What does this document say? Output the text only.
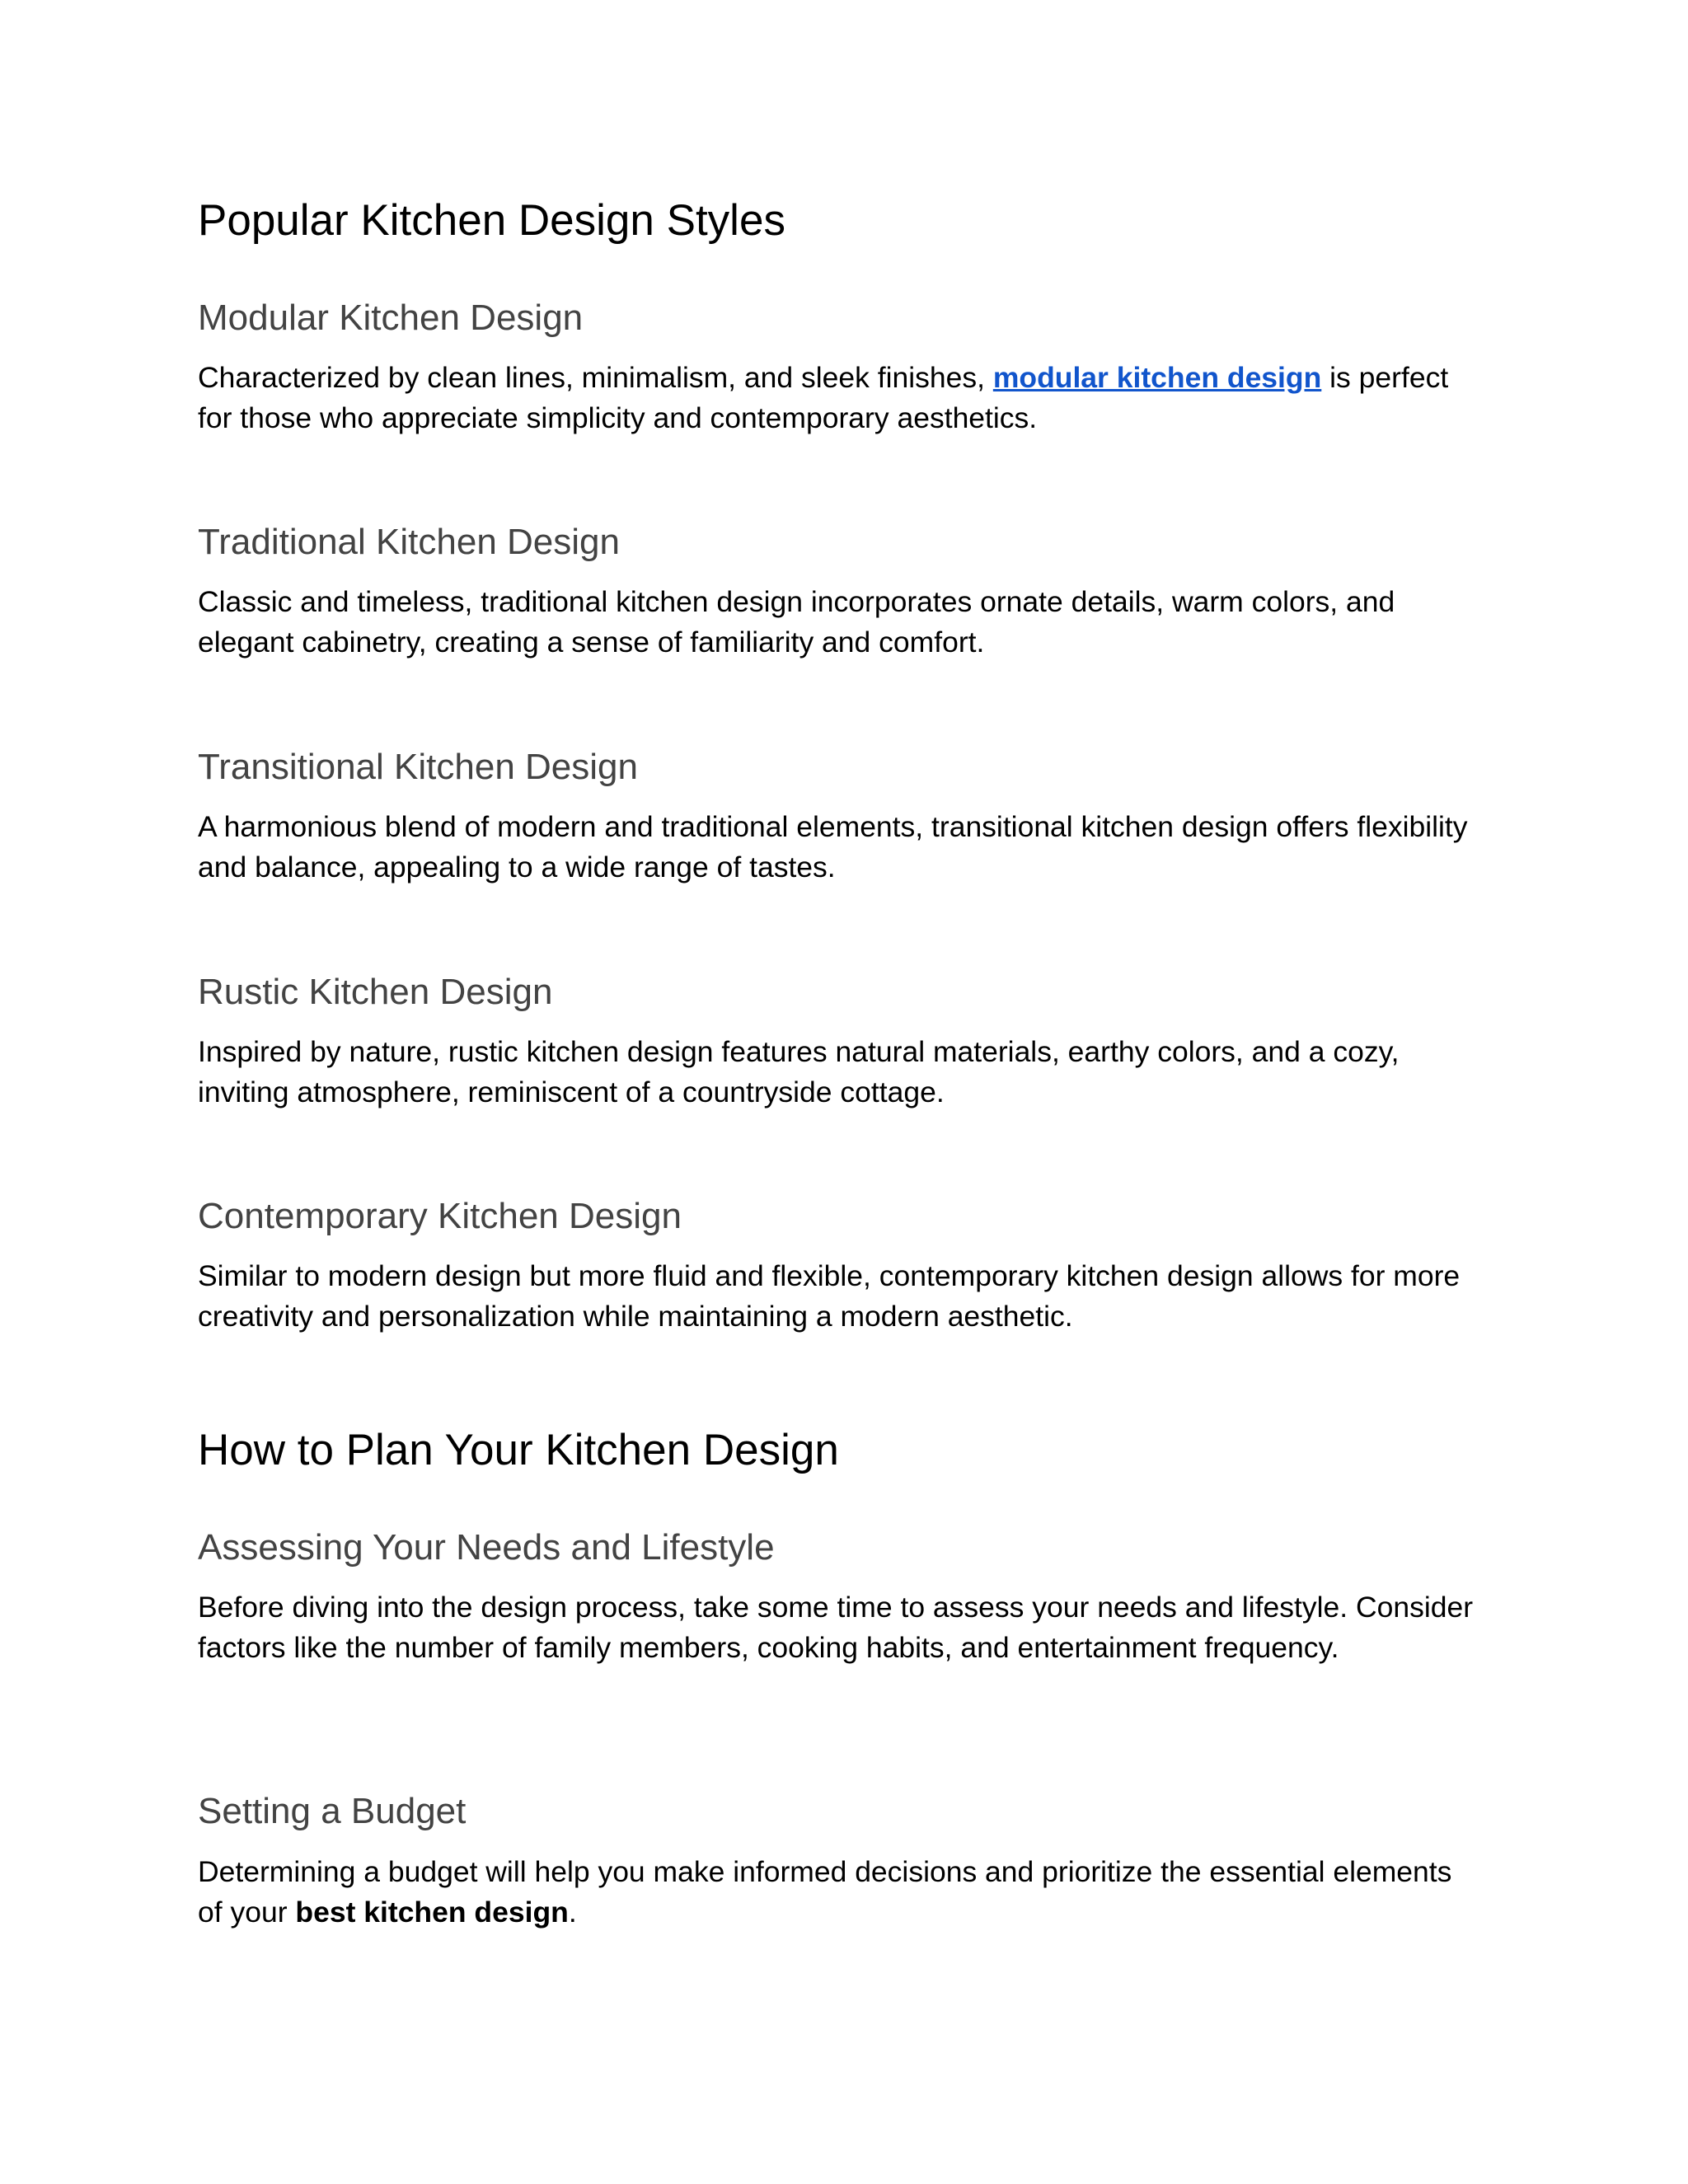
Popular Kitchen Design Styles
Modular Kitchen Design

Characterized by clean lines, minimalism, and sleek finishes, modular kitchen design is perfect for those who appreciate simplicity and contemporary aesthetics.

Traditional Kitchen Design

Classic and timeless, traditional kitchen design incorporates ornate details, warm colors, and elegant cabinetry, creating a sense of familiarity and comfort.

Transitional Kitchen Design

A harmonious blend of modern and traditional elements, transitional kitchen design offers flexibility and balance, appealing to a wide range of tastes.

Rustic Kitchen Design

Inspired by nature, rustic kitchen design features natural materials, earthy colors, and a cozy, inviting atmosphere, reminiscent of a countryside cottage.

Contemporary Kitchen Design

Similar to modern design but more fluid and flexible, contemporary kitchen design allows for more creativity and personalization while maintaining a modern aesthetic.

How to Plan Your Kitchen Design
Assessing Your Needs and Lifestyle

Before diving into the design process, take some time to assess your needs and lifestyle. Consider factors like the number of family members, cooking habits, and entertainment frequency.

Setting a Budget

Determining a budget will help you make informed decisions and prioritize the essential elements of your best kitchen design.
